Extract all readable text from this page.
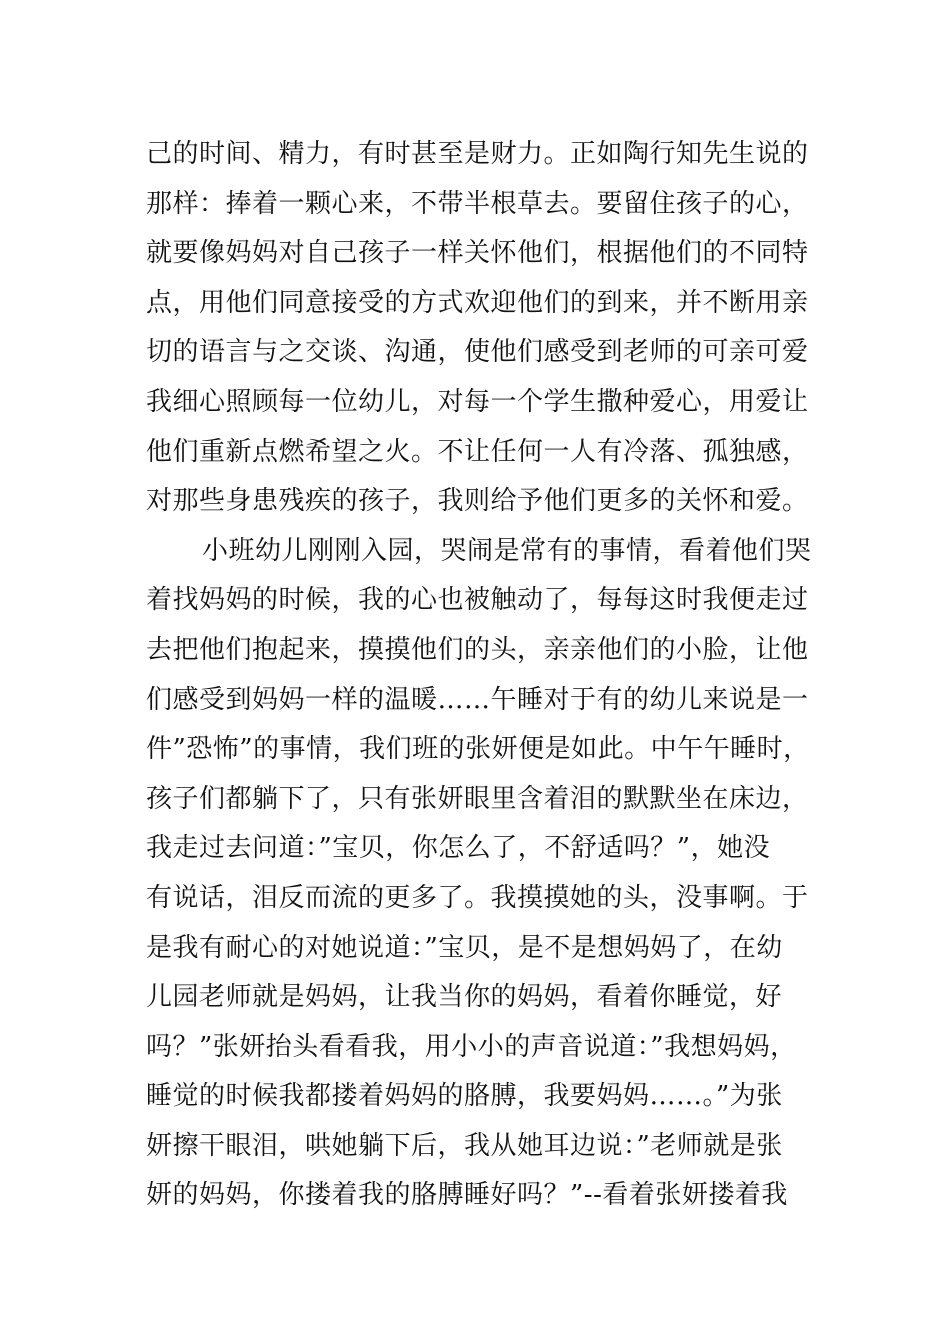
己的时间、精力，有时甚至是财力。正如陶行知先生说的
那样：捧着一颗心来，不带半根草去。要留住孩子的心，
就要像妈妈对自己孩子一样关怀他们，根据他们的不同特
点，用他们同意接受的方式欢迎他们的到来，并不断用亲
切的语言与之交谈、沟通，使他们感受到老师的可亲可爱
我细心照顾每一位幼儿，对每一个学生撒种爱心，用爱让
他们重新点燃希望之火。不让任何一人有冷落、孤独感，
对那些身患残疾的孩子，我则给予他们更多的关怀和爱。
小班幼儿刚刚入园，哭闹是常有的事情，看着他们哭
着找妈妈的时候，我的心也被触动了，每每这时我便走过
去把他们抱起来，摸摸他们的头，亲亲他们的小脸，让他
们感受到妈妈一样的温暖……午睡对于有的幼儿来说是一
件”恐怖”的事情，我们班的张妍便是如此。中午午睡时，
孩子们都躺下了，只有张妍眼里含着泪的默默坐在床边，
我走过去问道：”宝贝，你怎么了，不舒适吗？”，她没
有说话，泪反而流的更多了。我摸摸她的头，没事啊。于
是我有耐心的对她说道：”宝贝，是不是想妈妈了，在幼
儿园老师就是妈妈，让我当你的妈妈，看着你睡觉，好
吗？”张妍抬头看看我，用小小的声音说道：”我想妈妈，
睡觉的时候我都搂着妈妈的胳膊，我要妈妈……。”为张
妍擦干眼泪，哄她躺下后，我从她耳边说：”老师就是张
妍的妈妈，你搂着我的胳膊睡好吗？”--看着张妍搂着我
